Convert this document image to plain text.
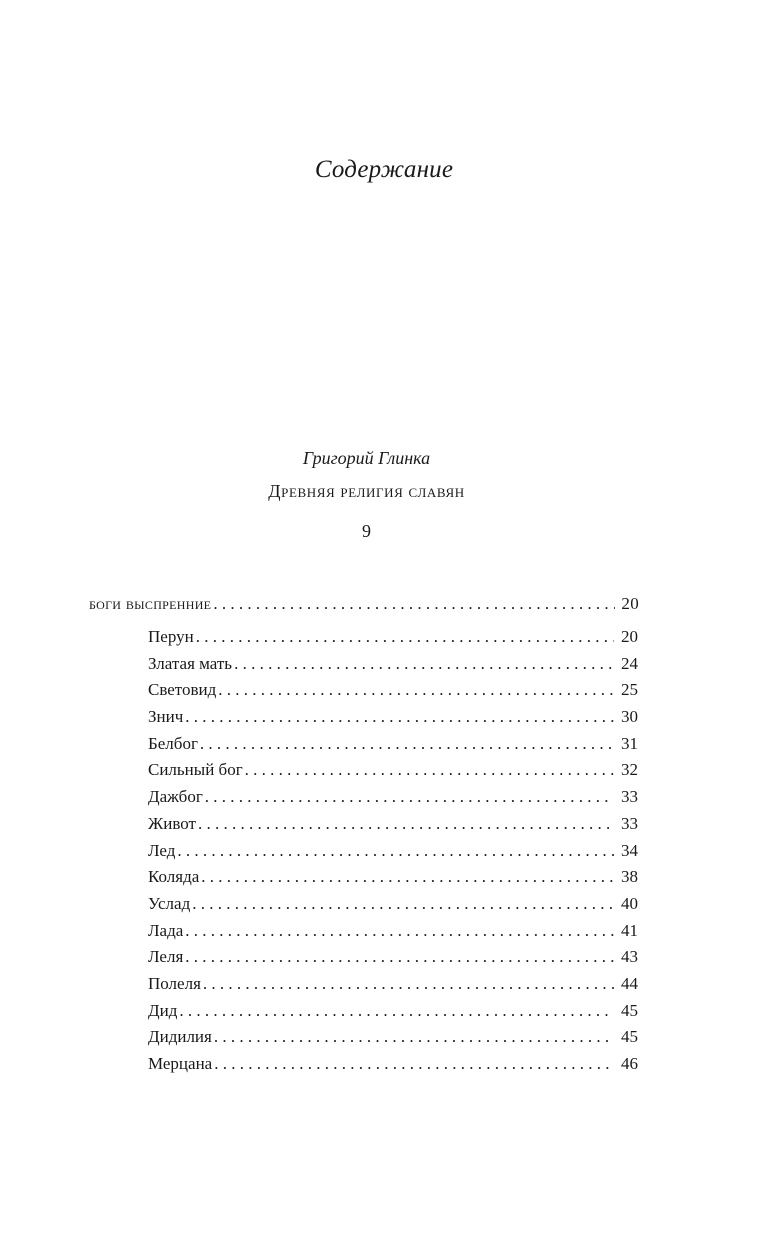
Содержание
Григорий Глинка
Древняя религия славян
9
боги выспренние . . .	20
Перун . . .	20
Златая мать . . .	24
Световид . . .	25
Знич . . .	30
Белбог . . .	31
Сильный бог . . .	32
Дажбог . . .	33
Живот . . .	33
Лед . . .	34
Коляда . . .	38
Услад . . .	40
Лада . . .	41
Леля . . .	43
Полеля . . .	44
Дид . . .	45
Дидилия . . .	45
Мерцана . . .	46
